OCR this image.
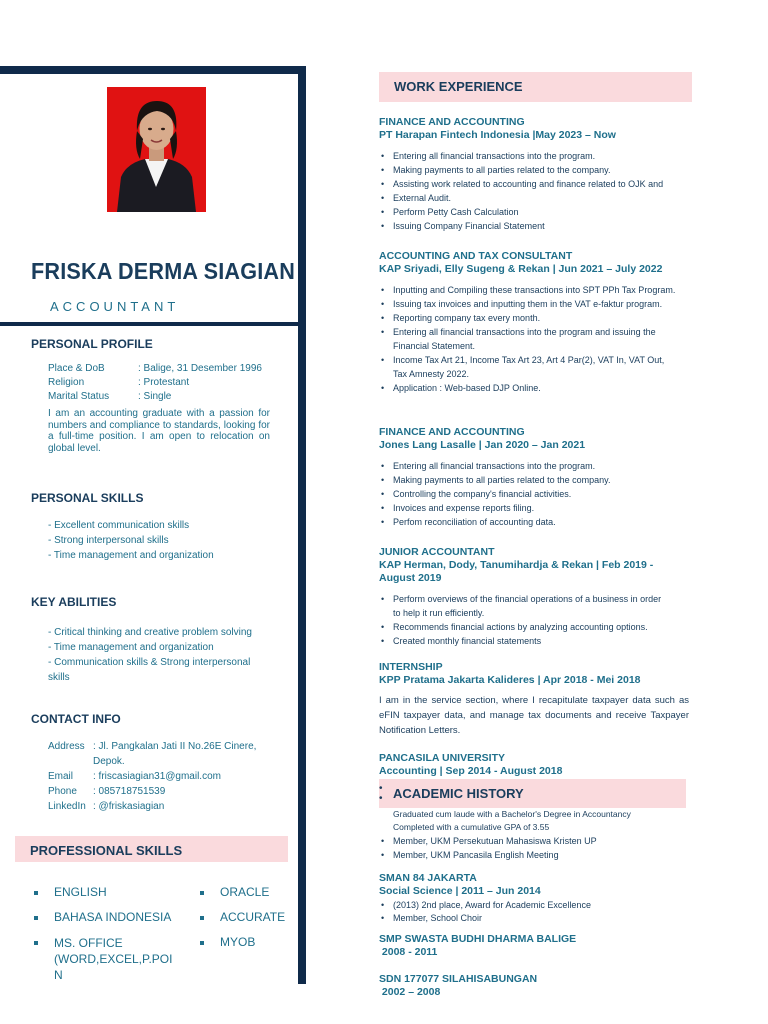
FRISKA DERMA SIAGIAN
ACCOUNTANT
PERSONAL PROFILE
Place & DoB	: Balige, 31 Desember 1996
Religion	: Protestant
Marital Status	: Single
I am an accounting graduate with a passion for numbers and compliance to standards, looking for a full-time position. I am open to relocation on global level.
PERSONAL SKILLS
- Excellent communication skills
- Strong interpersonal skills
- Time management and organization
KEY ABILITIES
- Critical thinking and creative problem solving
- Time management and organization
- Communication skills & Strong interpersonal skills
CONTACT INFO
Address : Jl. Pangkalan Jati II No.26E Cinere, Depok.
Email	: friscasiagian31@gmail.com
Phone	: 085718751539
LinkedIn : @friskasiagian
PROFESSIONAL SKILLS
ENGLISH
BAHASA INDONESIA
MS. OFFICE (WORD,EXCEL,P.POIN
ORACLE
ACCURATE
MYOB
WORK EXPERIENCE
FINANCE AND ACCOUNTING
PT Harapan Fintech Indonesia |May 2023 – Now
• Entering all financial transactions into the program.
• Making payments to all parties related to the company.
• Assisting work related to accounting and finance related to OJK and
• External Audit.
• Perform Petty Cash Calculation
• Issuing Company Financial Statement
ACCOUNTING AND TAX CONSULTANT
KAP Sriyadi, Elly Sugeng & Rekan | Jun 2021 – July 2022
• Inputting and Compiling these transactions into SPT PPh Tax Program.
• Issuing tax invoices and inputting them in the VAT e-faktur program.
• Reporting company tax every month.
• Entering all financial transactions into the program and issuing the Financial Statement.
• Income Tax Art 21, Income Tax Art 23, Art 4 Par(2), VAT In, VAT Out, Tax Amnesty 2022.
• Application : Web-based DJP Online.
FINANCE AND ACCOUNTING
Jones Lang Lasalle | Jan 2020 – Jan 2021
• Entering all financial transactions into the program.
• Making payments to all parties related to the company.
• Controlling the company's financial activities.
• Invoices and expense reports filing.
• Perfom reconciliation of accounting data.
JUNIOR ACCOUNTANT
KAP Herman, Dody, Tanumihardja & Rekan | Feb 2019 - August 2019
• Perform overviews of the financial operations of a business in order to help it run efficiently.
• Recommends financial actions by analyzing accounting options.
• Created monthly financial statements
INTERNSHIP
KPP Pratama Jakarta Kalideres | Apr 2018 - Mei 2018
I am in the service section, where I recapitulate taxpayer data such as eFIN taxpayer data, and manage tax documents and receive Taxpayer Notification Letters.
PANCASILA UNIVERSITY
Accounting | Sep 2014 - August 2018
•
• ACADEMIC HISTORY
Graduated cum laude with a Bachelor's Degree in Accountancy Completed with a cumulative GPA of 3.55
• Member, UKM Persekutuan Mahasiswa Kristen UP
• Member, UKM Pancasila English Meeting
SMAN 84 JAKARTA
Social Science | 2011 – Jun 2014
• (2013) 2nd place, Award for Academic Excellence
• Member, School Choir
SMP SWASTA BUDHI DHARMA BALIGE
2008 - 2011
SDN 177077 SILAHISABUNGAN
2002 – 2008
